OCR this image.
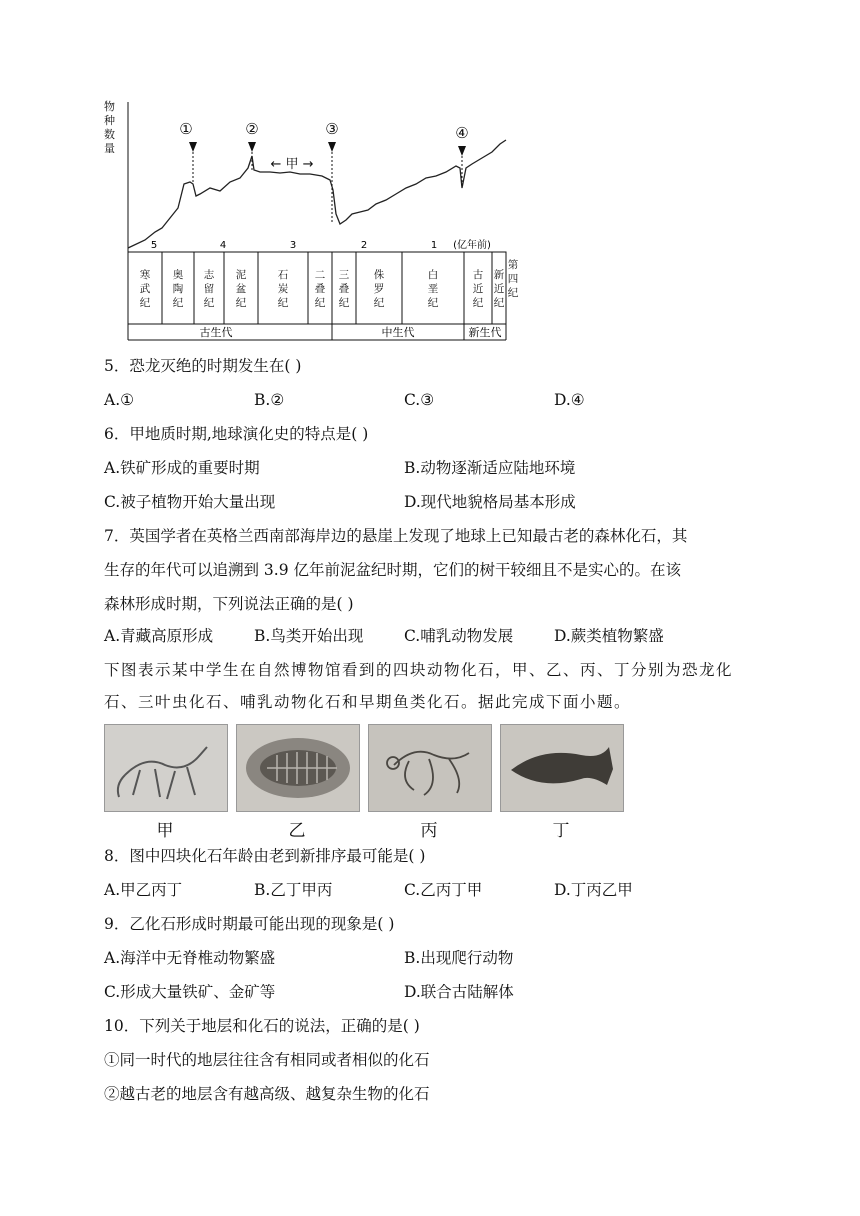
物
种
数
量
①	②	③	④
← 甲 →
5	4	3	2	1 (亿年前)
寒武纪
奥陶纪
志留纪
泥盆纪
石炭纪
二叠纪
三叠纪
侏罗纪
白垩纪
古近纪
新近纪
第四纪
古生代	中生代	新生代
5．恐龙灭绝的时期发生在( )
A.①	B.②	C.③	D.④
6．甲地质时期,地球演化史的特点是( )
A.铁矿形成的重要时期	B.动物逐渐适应陆地环境
C.被子植物开始大量出现	D.现代地貌格局基本形成
7．英国学者在英格兰西南部海岸边的悬崖上发现了地球上已知最古老的森林化石，其
生存的年代可以追溯到 3.9 亿年前泥盆纪时期，它们的树干较细且不是实心的。在该
森林形成时期，下列说法正确的是( )
A.青藏高原形成	B.鸟类开始出现	C.哺乳动物发展	D.蕨类植物繁盛
下图表示某中学生在自然博物馆看到的四块动物化石，甲、乙、丙、丁分别为恐龙化
石、三叶虫化石、哺乳动物化石和早期鱼类化石。据此完成下面小题。
甲	乙	丙	丁
8．图中四块化石年龄由老到新排序最可能是( )
A.甲乙丙丁	B.乙丁甲丙	C.乙丙丁甲	D.丁丙乙甲
9．乙化石形成时期最可能出现的现象是( )
A.海洋中无脊椎动物繁盛	B.出现爬行动物
C.形成大量铁矿、金矿等	D.联合古陆解体
10．下列关于地层和化石的说法，正确的是( )
①同一时代的地层往往含有相同或者相似的化石
②越古老的地层含有越高级、越复杂生物的化石
